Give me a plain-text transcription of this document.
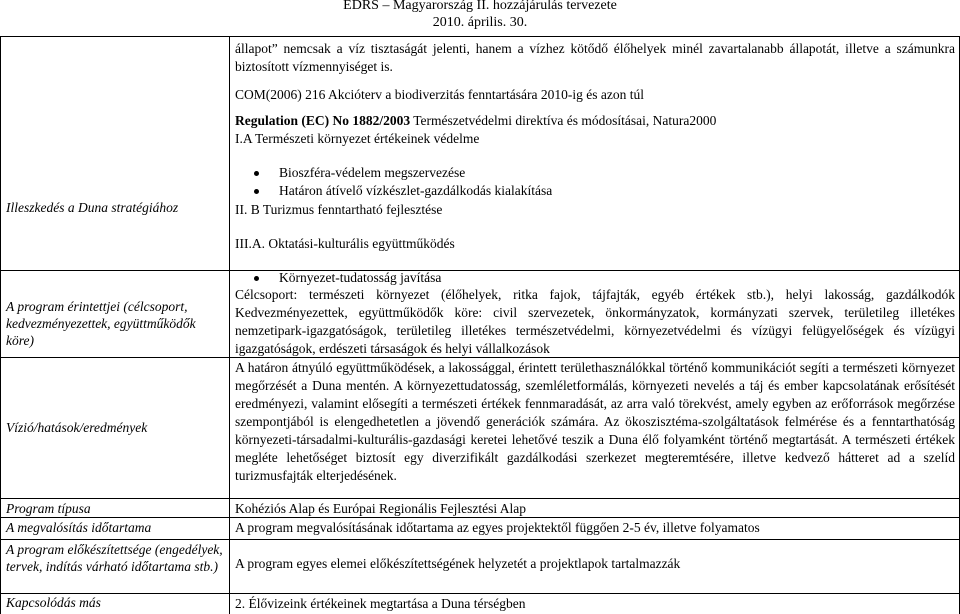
EDRS – Magyarország II. hozzájárulás tervezete
2010. április. 30.
Illeszkedés a Duna stratégiához
A program érintettjei (célcsoport, kedvezményezettek, együttműködők köre)
Vízió/hatások/eredmények
Program típusa
A megvalósítás időtartama
A program előkészítettsége (engedélyek, tervek, indítás várható időtartama stb.)
Kapcsolódás más
állapot” nemcsak a víz tisztaságát jelenti, hanem a vízhez kötődő élőhelyek minél zavartalanabb állapotát, illetve a számunkra biztosított vízmennyiséget is.
COM(2006) 216 Akcióterv a biodiverzitás fenntartására 2010-ig és azon túl
Regulation (EC) No 1882/2003 Természetvédelmi direktíva és módosításai, Natura2000
I.A Természeti környezet értékeinek védelme
Bioszféra-védelem megszervezése
Határon átívelő vízkészlet-gazdálkodás kialakítása
II. B Turizmus fenntartható fejlesztése
III.A. Oktatási-kulturális együttműködés
Környezet-tudatosság javítása
Célcsoport: természeti környezet (élőhelyek, ritka fajok, tájfajták, egyéb értékek stb.), helyi lakosság, gazdálkodók Kedvezményezettek, együttműködők köre: civil szervezetek, önkormányzatok, kormányzati szervek, területileg illetékes nemzetipark-igazgatóságok, területileg illetékes természetvédelmi, környezetvédelmi és vízügyi felügyelőségek és vízügyi igazgatóságok, erdészeti társaságok és helyi vállalkozások
A határon átnyúló együttműködések, a lakossággal, érintett területhasználókkal történő kommunikációt segíti a természeti környezet megőrzését a Duna mentén. A környezettudatosság, szemléletformálás, környezeti nevelés a táj és ember kapcsolatának erősítését eredményezi, valamint elősegíti a természeti értékek fennmaradását, az arra való törekvést, amely egyben az erőforrások megőrzése szempontjából is elengedhetetlen a jövendő generációk számára. Az ökoszisztéma-szolgáltatások felmérése és a fenntarthatóság környezeti-társadalmi-kulturális-gazdasági keretei lehetővé teszik a Duna élő folyamként történő megtartását. A természeti értékek megléte lehetőséget biztosít egy diverzifikált gazdálkodási szerkezet megteremtésére, illetve kedvező hátteret ad a szelíd turizmusfajták elterjedésének.
Kohéziós Alap és Európai Regionális Fejlesztési Alap
A program megvalósításának időtartama az egyes projektektől függően 2-5 év, illetve folyamatos
A program egyes elemei előkészítettségének helyzetét a projektlapok tartalmazzák
2. Élővizeink értékeinek megtartása a Duna térségben
